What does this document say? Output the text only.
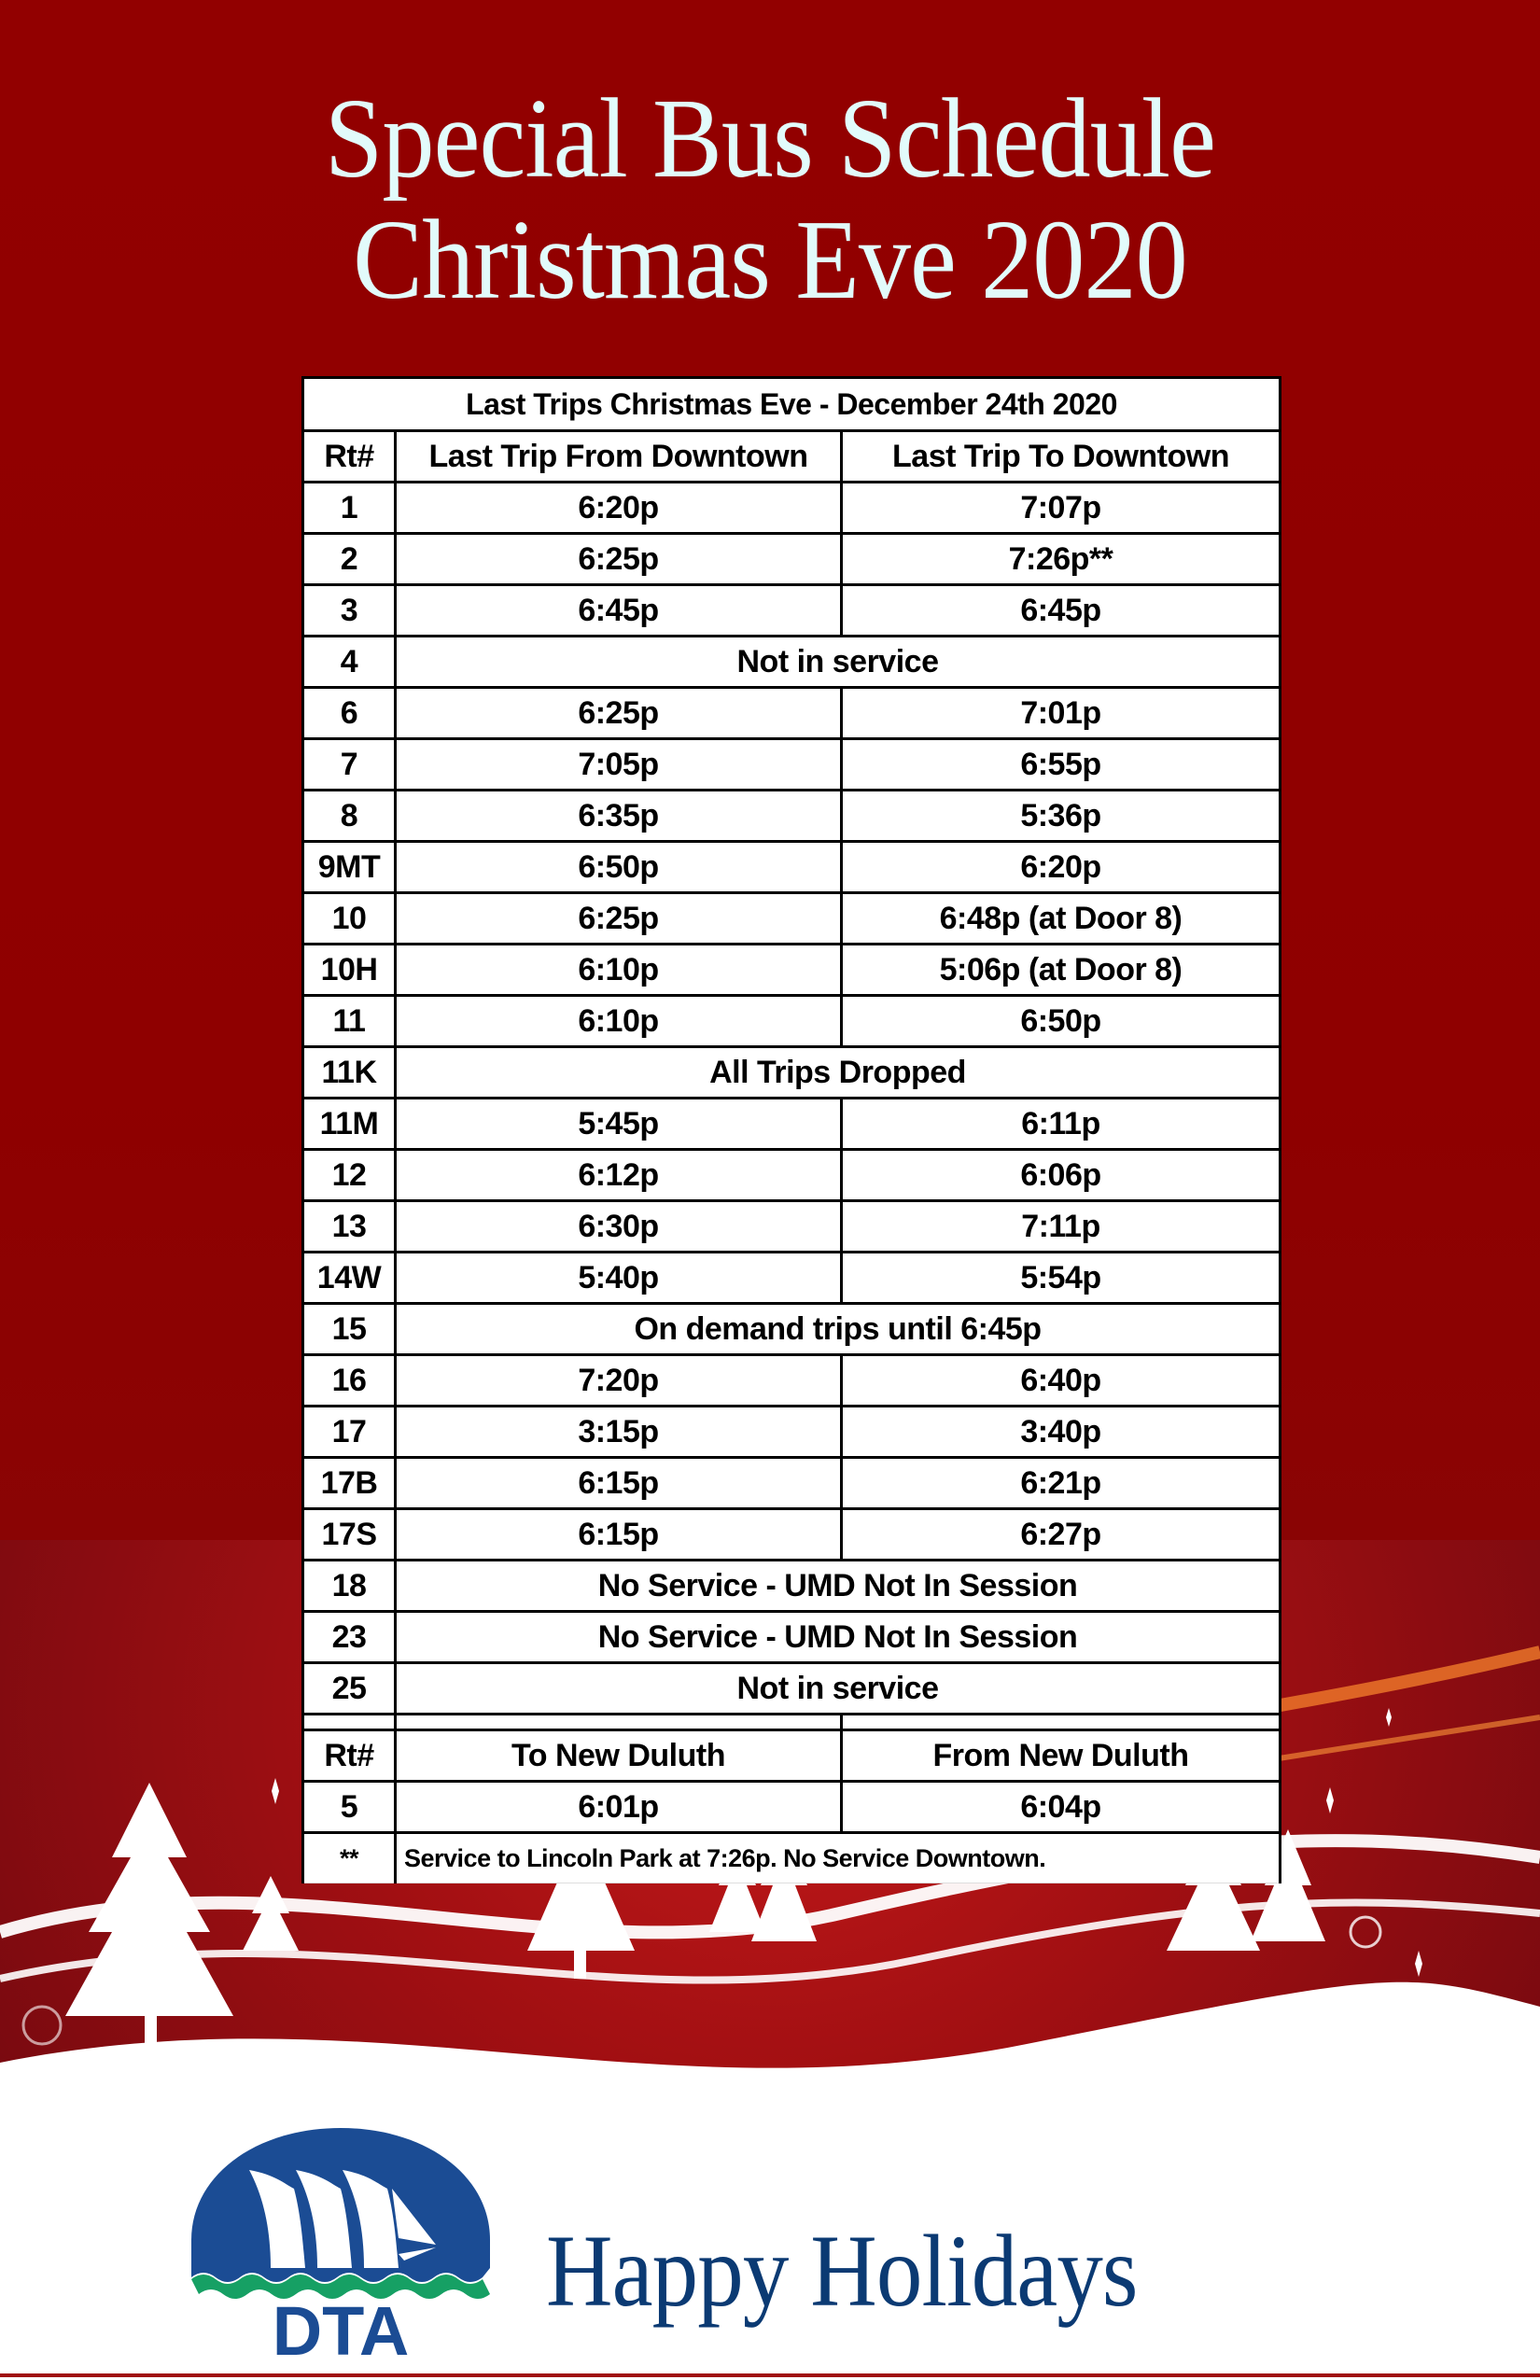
Special Bus Schedule
Christmas Eve 2020
Last Trips Christmas Eve - December 24th 2020		
Rt#	Last Trip From Downtown	Last Trip To Downtown
1	6:20p	7:07p
2	6:25p	7:26p**
3	6:45p	6:45p
4	Not in service	
6	6:25p	7:01p
7	7:05p	6:55p
8	6:35p	5:36p
9MT	6:50p	6:20p
10	6:25p	6:48p (at Door 8)
10H	6:10p	5:06p (at Door 8)
11	6:10p	6:50p
11K	All Trips Dropped	
11M	5:45p	6:11p
12	6:12p	6:06p
13	6:30p	7:11p
14W	5:40p	5:54p
15	On demand trips until 6:45p	
16	7:20p	6:40p
17	3:15p	3:40p
17B	6:15p	6:21p
17S	6:15p	6:27p
18	No Service - UMD Not In Session	
23	No Service - UMD Not In Session	
25	Not in service	

Rt#	To New Duluth	From New Duluth
5	6:01p	6:04p
**	Service to Lincoln Park at 7:26p. No Service Downtown.	
DTA
Happy Holidays
